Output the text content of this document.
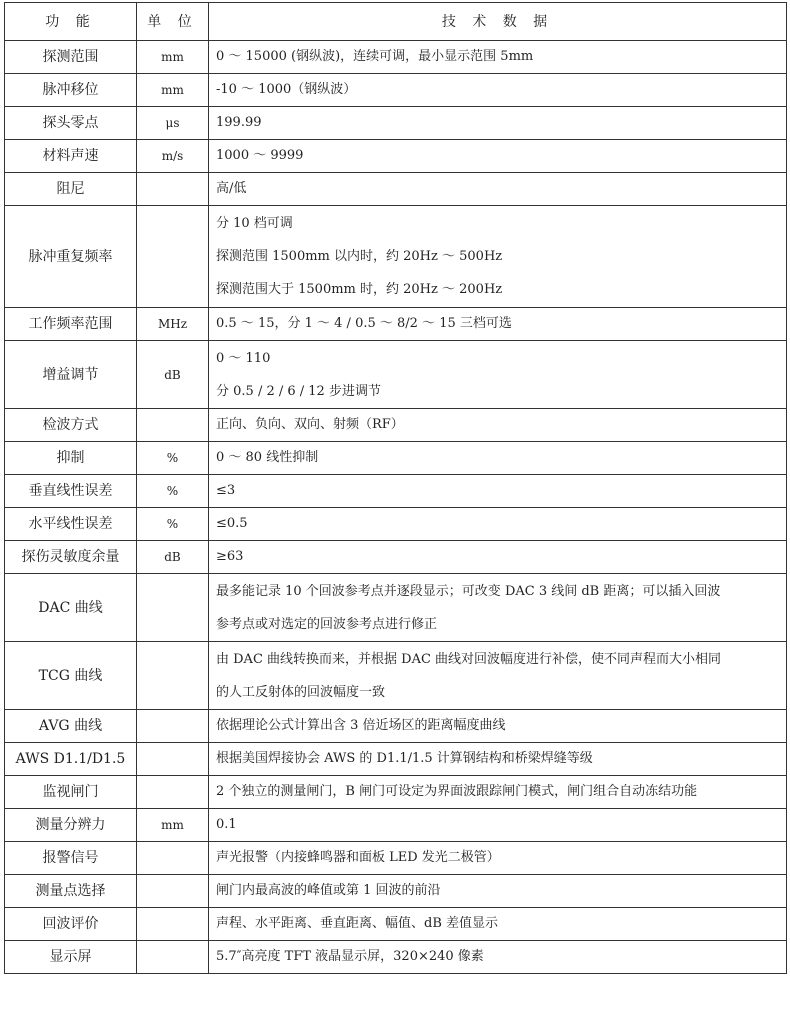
功 能	单 位	技 术 数 据
探测范围	mm	0 ～ 15000 (钢纵波)，连续可调，最小显示范围 5mm

脉冲移位	mm	-10 ～ 1000（钢纵波）

探头零点	μs	199.99

材料声速	m/s	1000 ～ 9999

阻尼		高/低

脉冲重复频率		分 10 档可调
探测范围 1500mm 以内时，约 20Hz ～ 500Hz
探测范围大于 1500mm 时，约 20Hz ～ 200Hz

工作频率范围	MHz	0.5 ～ 15，分 1 ～ 4 / 0.5 ～ 8/2 ～ 15 三档可选

增益调节	dB	0 ～ 110
分 0.5 / 2 / 6 / 12 步进调节

检波方式		正向、负向、双向、射频（RF）

抑制	%	0 ～ 80 线性抑制

垂直线性误差	%	≤3

水平线性误差	%	≤0.5

探伤灵敏度余量	dB	≥63

DAC 曲线		最多能记录 10 个回波参考点并逐段显示；可改变 DAC 3 线间 dB 距离；可以插入回波
参考点或对选定的回波参考点进行修正

TCG 曲线		由 DAC 曲线转换而来，并根据 DAC 曲线对回波幅度进行补偿，使不同声程而大小相同
的人工反射体的回波幅度一致

AVG 曲线		依据理论公式计算出含 3 倍近场区的距离幅度曲线

AWS D1.1/D1.5		根据美国焊接协会 AWS 的 D1.1/1.5 计算钢结构和桥梁焊缝等级

监视闸门		2 个独立的测量闸门，B 闸门可设定为界面波跟踪闸门模式，闸门组合自动冻结功能

测量分辨力	mm	0.1

报警信号		声光报警（内接蜂鸣器和面板 LED 发光二极管）

测量点选择		闸门内最高波的峰值或第 1 回波的前沿

回波评价		声程、水平距离、垂直距离、幅值、dB 差值显示

显示屏		5.7″高亮度 TFT 液晶显示屏，320×240 像素
